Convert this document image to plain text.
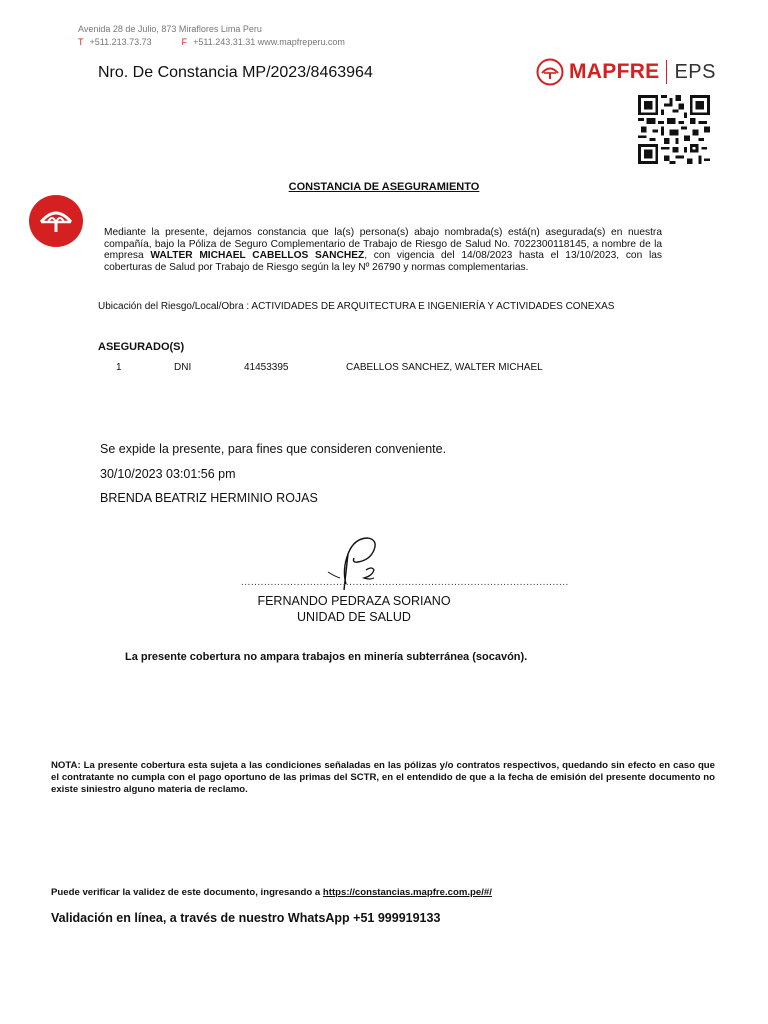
Avenida 28 de Julio, 873 Miraflores Lima Peru
T +511.213.73.73	F +511.243.31.31 www.mapfreperu.com
Nro. De Constancia MP/2023/8463964	MAPFRE EPS
CONSTANCIA DE ASEGURAMIENTO
Mediante la presente, dejamos constancia que la(s) persona(s) abajo nombrada(s) está(n) asegurada(s) en nuestra compañía, bajo la Póliza de Seguro Complementario de Trabajo de Riesgo de Salud No. 7022300118145, a nombre de la empresa WALTER MICHAEL CABELLOS SANCHEZ, con vigencia del 14/08/2023 hasta el 13/10/2023, con las coberturas de Salud por Trabajo de Riesgo según la ley Nº 26790 y normas complementarias.
Ubicación del Riesgo/Local/Obra : ACTIVIDADES DE ARQUITECTURA E INGENIERÍA Y ACTIVIDADES CONEXAS
ASEGURADO(S)
1	DNI	41453395	CABELLOS SANCHEZ, WALTER MICHAEL
Se expide la presente, para fines que consideren conveniente.
30/10/2023 03:01:56 pm
BRENDA BEATRIZ HERMINIO ROJAS
....................................................................................................
FERNANDO PEDRAZA SORIANO
UNIDAD DE SALUD
La presente cobertura no ampara trabajos en minería subterránea (socavón).
NOTA: La presente cobertura esta sujeta a las condiciones señaladas en las pólizas y/o contratos respectivos, quedando sin efecto en caso que el contratante no cumpla con el pago oportuno de las primas del SCTR, en el entendido de que a la fecha de emisión del presente documento no existe siniestro alguno materia de reclamo.
Puede verificar la validez de este documento, ingresando a https://constancias.mapfre.com.pe/#/
Validación en línea, a través de nuestro WhatsApp +51 999919133
